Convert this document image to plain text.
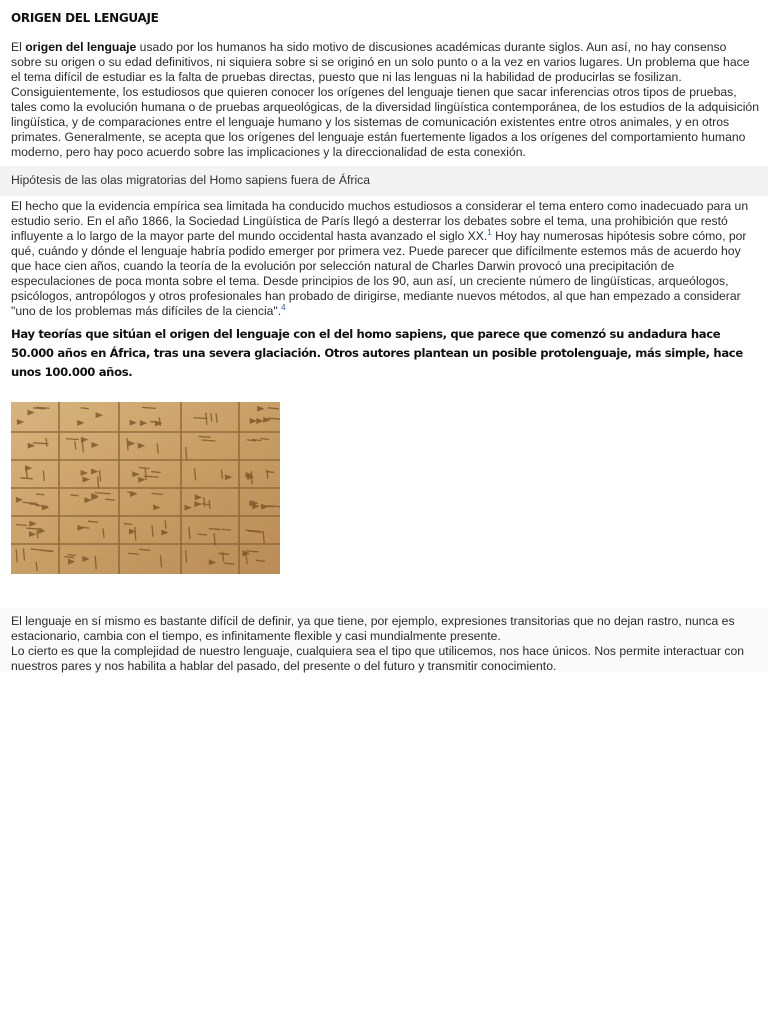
ORIGEN DEL LENGUAJE
El origen del lenguaje usado por los humanos ha sido motivo de discusiones académicas durante siglos. Aun así, no hay consenso sobre su origen o su edad definitivos, ni siquiera sobre si se originó en un solo punto o a la vez en varios lugares. Un problema que hace el tema difícil de estudiar es la falta de pruebas directas, puesto que ni las lenguas ni la habilidad de producirlas se fosilizan. Consiguientemente, los estudiosos que quieren conocer los orígenes del lenguaje tienen que sacar inferencias otros tipos de pruebas, tales como la evolución humana o de pruebas arqueológicas, de la diversidad lingüística contemporánea, de los estudios de la adquisición lingüística, y de comparaciones entre el lenguaje humano y los sistemas de comunicación existentes entre otros animales, y en otros primates. Generalmente, se acepta que los orígenes del lenguaje están fuertemente ligados a los orígenes del comportamiento humano moderno, pero hay poco acuerdo sobre las implicaciones y la direccionalidad de esta conexión.
Hipótesis de las olas migratorias del Homo sapiens fuera de África
El hecho que la evidencia empírica sea limitada ha conducido muchos estudiosos a considerar el tema entero como inadecuado para un estudio serio. En el año 1866, la Sociedad Lingüística de París llegó a desterrar los debates sobre el tema, una prohibición que restó influyente a lo largo de la mayor parte del mundo occidental hasta avanzado el siglo XX.$^1$ Hoy hay numerosas hipótesis sobre cómo, por qué, cuándo y dónde el lenguaje habría podido emerger por primera vez. Puede parecer que difícilmente estemos más de acuerdo hoy que hace cien años, cuando la teoría de la evolución por selección natural de Charles Darwin provocó una precipitación de especulaciones de poca monta sobre el tema. Desde principios de los 90, aun así, un creciente número de lingüísticas, arqueólogos, psicólogos, antropólogos y otros profesionales han probado de dirigirse, mediante nuevos métodos, al que han empezado a considerar "uno de los problemas más difíciles de la ciencia".$^4$
Hay teorías que sitúan el origen del lenguaje con el del homo sapiens, que parece que comenzó su andadura hace 50.000 años en África, tras una severa glaciación. Otros autores plantean un posible protolenguaje, más simple, hace unos 100.000 años.
El lenguaje en sí mismo es bastante difícil de definir, ya que tiene, por ejemplo, expresiones transitorias que no dejan rastro, nunca es estacionario, cambia con el tiempo, es infinitamente flexible y casi mundialmente presente.
Lo cierto es que la complejidad de nuestro lenguaje, cualquiera sea el tipo que utilicemos, nos hace únicos. Nos permite interactuar con nuestros pares y nos habilita a hablar del pasado, del presente o del futuro y transmitir conocimiento.
